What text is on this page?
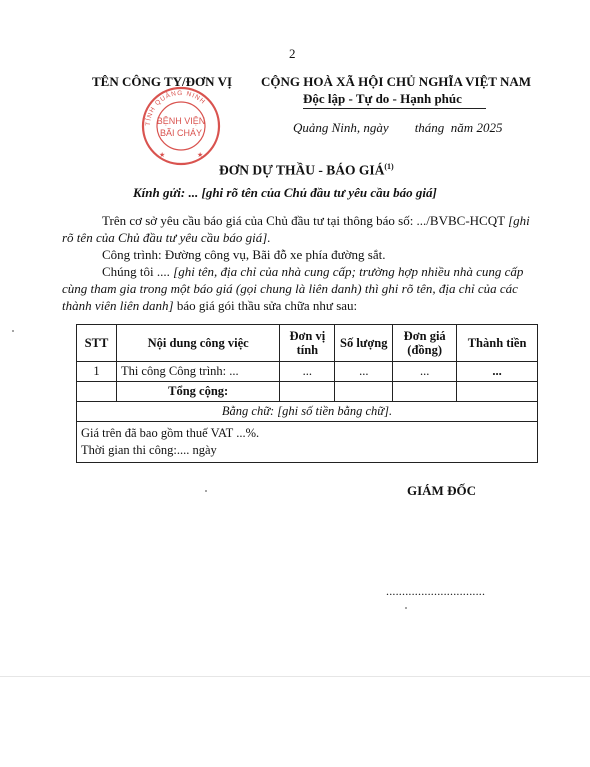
2
TÊN CÔNG TY/ĐƠN VỊ CỘNG HOÀ XÃ HỘI CHỦ NGHĨA VIỆT NAM
Độc lập - Tự do - Hạnh phúc
Quảng Ninh, ngày        tháng  năm 2025
TỈNH QUẢNG NINH
BỆNH VIỆN
BÃI CHÁY
★	★
ĐƠN DỰ THẦU - BÁO GIÁ$^{(1)}$
Kính gửi: ... [ghi rõ tên của Chủ đầu tư yêu cầu báo giá]
Trên cơ sở yêu cầu báo giá của Chủ đầu tư tại thông báo số: .../BVBC-HCQT [ghi rõ tên của Chủ đầu tư yêu cầu báo giá].
Công trình: Đường công vụ, Bãi đỗ xe phía đường sắt.
Chúng tôi .... [ghi tên, địa chỉ của nhà cung cấp; trường hợp nhiều nhà cung cấp cùng tham gia trong một báo giá (gọi chung là liên danh) thì ghi rõ tên, địa chỉ của các thành viên liên danh] báo giá gói thầu sửa chữa như sau:
STT	Nội dung công việc	Đơn vị tính	Số lượng	Đơn giá (đồng)	Thành tiền
1	Thi công Công trình: ...	...	...	...	...
	Tổng cộng:				
Bằng chữ: [ghi số tiền bằng chữ].					

Giá trên đã bao gồm thuế VAT ...%.
Thời gian thi công:.... ngày					
GIÁM ĐỐC
...............................
